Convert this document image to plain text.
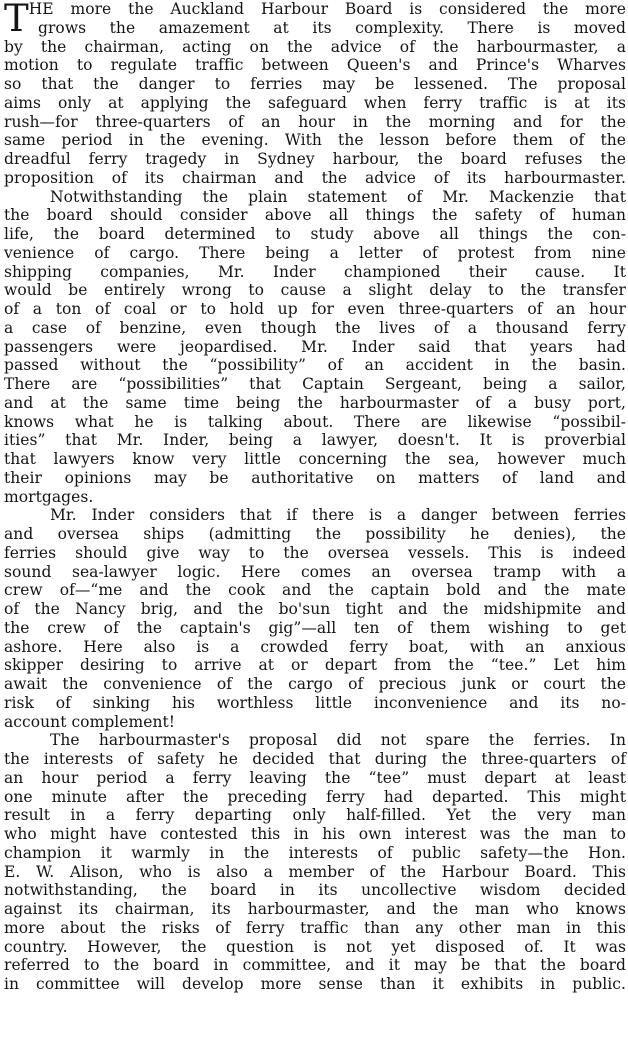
T HE more the Auckland Harbour Board is considered the more
grows the amazement at its complexity. There is moved
by the chairman, acting on the advice of the harbourmaster, a
motion to regulate traffic between Queen's and Prince's Wharves
so that the danger to ferries may be lessened. The proposal
aims only at applying the safeguard when ferry traffic is at its
rush—for three-quarters of an hour in the morning and for the
same period in the evening. With the lesson before them of the
dreadful ferry tragedy in Sydney harbour, the board refuses the
proposition of its chairman and the advice of its harbourmaster.
Notwithstanding the plain statement of Mr. Mackenzie that
the board should consider above all things the safety of human
life, the board determined to study above all things the con-
venience of cargo. There being a letter of protest from nine
shipping companies, Mr. Inder championed their cause. It
would be entirely wrong to cause a slight delay to the transfer
of a ton of coal or to hold up for even three-quarters of an hour
a case of benzine, even though the lives of a thousand ferry
passengers were jeopardised. Mr. Inder said that years had
passed without the “possibility” of an accident in the basin.
There are “possibilities” that Captain Sergeant, being a sailor,
and at the same time being the harbourmaster of a busy port,
knows what he is talking about. There are likewise “possibil-
ities” that Mr. Inder, being a lawyer, doesn't. It is proverbial
that lawyers know very little concerning the sea, however much
their opinions may be authoritative on matters of land and
mortgages.
Mr. Inder considers that if there is a danger between ferries
and oversea ships (admitting the possibility he denies), the
ferries should give way to the oversea vessels. This is indeed
sound sea-lawyer logic. Here comes an oversea tramp with a
crew of—“me and the cook and the captain bold and the mate
of the Nancy brig, and the bo'sun tight and the midshipmite and
the crew of the captain's gig”—all ten of them wishing to get
ashore. Here also is a crowded ferry boat, with an anxious
skipper desiring to arrive at or depart from the “tee.” Let him
await the convenience of the cargo of precious junk or court the
risk of sinking his worthless little inconvenience and its no-
account complement!
The harbourmaster's proposal did not spare the ferries. In
the interests of safety he decided that during the three-quarters of
an hour period a ferry leaving the “tee” must depart at least
one minute after the preceding ferry had departed. This might
result in a ferry departing only half-filled. Yet the very man
who might have contested this in his own interest was the man to
champion it warmly in the interests of public safety—the Hon.
E. W. Alison, who is also a member of the Harbour Board. This
notwithstanding, the board in its uncollective wisdom decided
against its chairman, its harbourmaster, and the man who knows
more about the risks of ferry traffic than any other man in this
country. However, the question is not yet disposed of. It was
referred to the board in committee, and it may be that the board
in committee will develop more sense than it exhibits in public.
